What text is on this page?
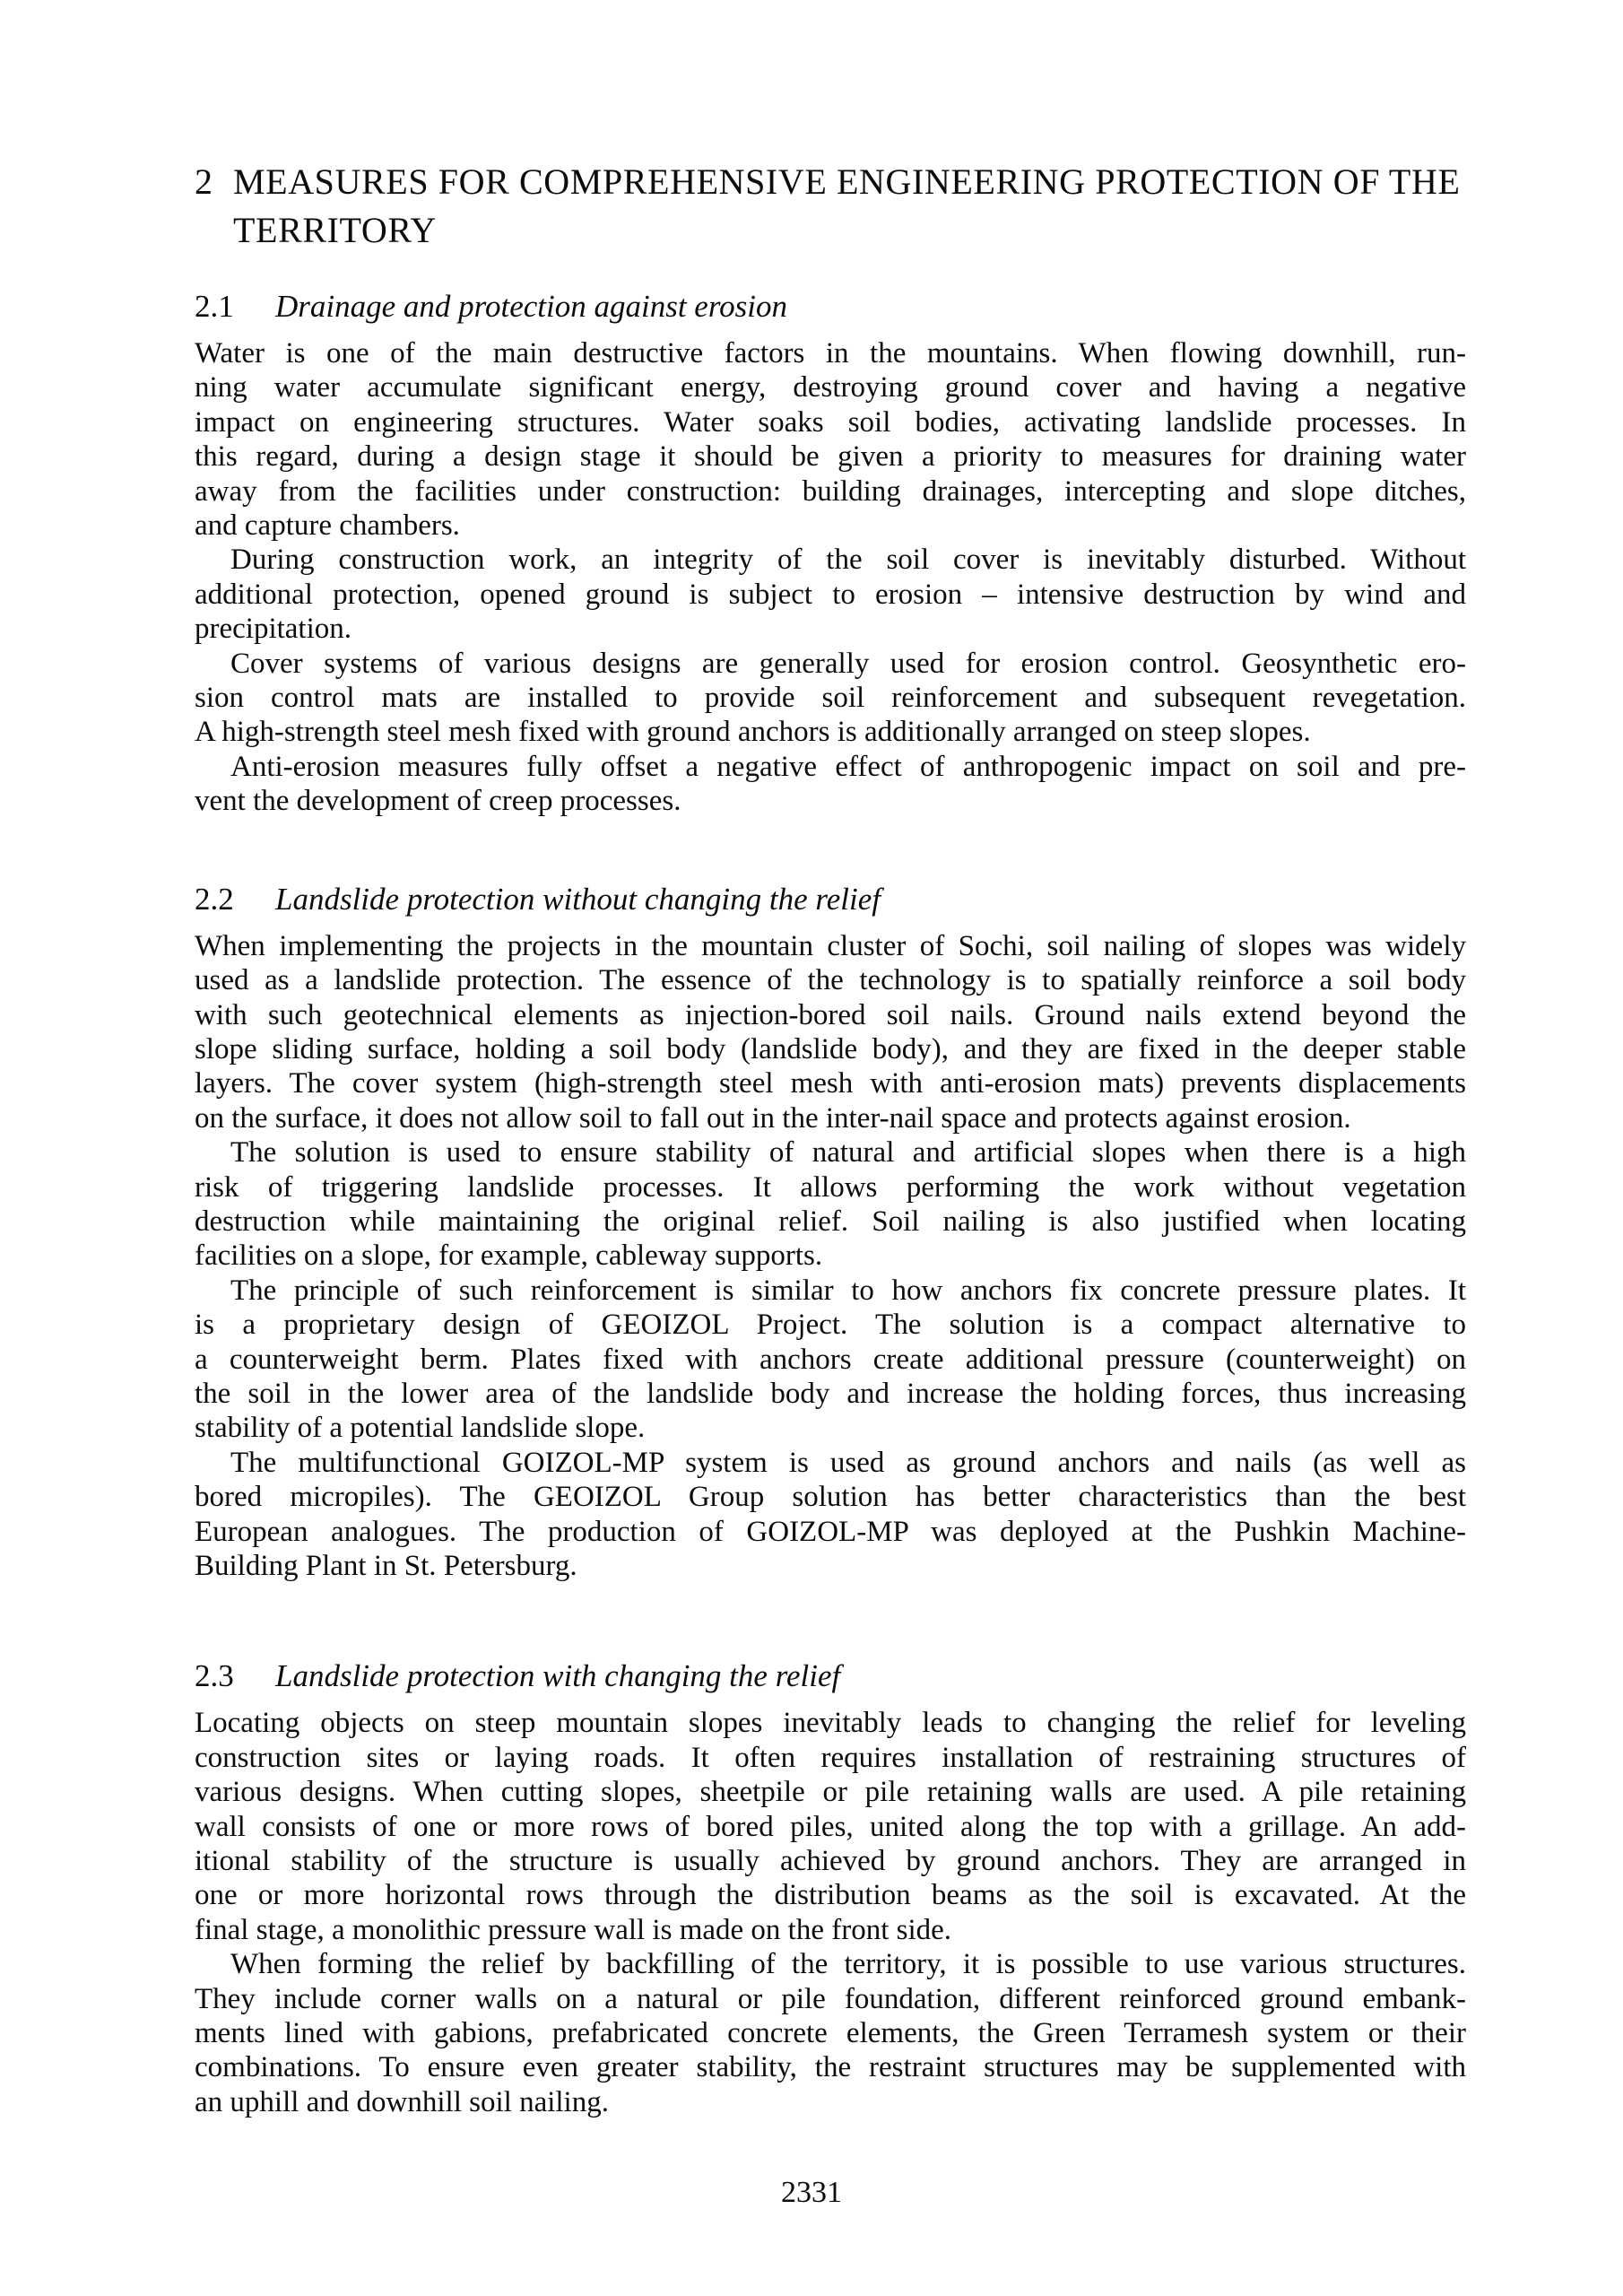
2 MEASURES FOR COMPREHENSIVE ENGINEERING PROTECTION OF THE
TERRITORY
2.1	Drainage and protection against erosion
Water is one of the main destructive factors in the mountains. When flowing downhill, run-
ning water accumulate significant energy, destroying ground cover and having a negative
impact on engineering structures. Water soaks soil bodies, activating landslide processes. In
this regard, during a design stage it should be given a priority to measures for draining water
away from the facilities under construction: building drainages, intercepting and slope ditches,
and capture chambers.
During construction work, an integrity of the soil cover is inevitably disturbed. Without
additional protection, opened ground is subject to erosion – intensive destruction by wind and
precipitation.
Cover systems of various designs are generally used for erosion control. Geosynthetic ero-
sion control mats are installed to provide soil reinforcement and subsequent revegetation.
A high-strength steel mesh fixed with ground anchors is additionally arranged on steep slopes.
Anti-erosion measures fully offset a negative effect of anthropogenic impact on soil and pre-
vent the development of creep processes.
2.2	Landslide protection without changing the relief
When implementing the projects in the mountain cluster of Sochi, soil nailing of slopes was widely
used as a landslide protection. The essence of the technology is to spatially reinforce a soil body
with such geotechnical elements as injection-bored soil nails. Ground nails extend beyond the
slope sliding surface, holding a soil body (landslide body), and they are fixed in the deeper stable
layers. The cover system (high-strength steel mesh with anti-erosion mats) prevents displacements
on the surface, it does not allow soil to fall out in the inter-nail space and protects against erosion.
The solution is used to ensure stability of natural and artificial slopes when there is a high
risk of triggering landslide processes. It allows performing the work without vegetation
destruction while maintaining the original relief. Soil nailing is also justified when locating
facilities on a slope, for example, cableway supports.
The principle of such reinforcement is similar to how anchors fix concrete pressure plates. It
is a proprietary design of GEOIZOL Project. The solution is a compact alternative to
a counterweight berm. Plates fixed with anchors create additional pressure (counterweight) on
the soil in the lower area of the landslide body and increase the holding forces, thus increasing
stability of a potential landslide slope.
The multifunctional GOIZOL-MP system is used as ground anchors and nails (as well as
bored micropiles). The GEOIZOL Group solution has better characteristics than the best
European analogues. The production of GOIZOL-MP was deployed at the Pushkin Machine-
Building Plant in St. Petersburg.
2.3	Landslide protection with changing the relief
Locating objects on steep mountain slopes inevitably leads to changing the relief for leveling
construction sites or laying roads. It often requires installation of restraining structures of
various designs. When cutting slopes, sheetpile or pile retaining walls are used. A pile retaining
wall consists of one or more rows of bored piles, united along the top with a grillage. An add-
itional stability of the structure is usually achieved by ground anchors. They are arranged in
one or more horizontal rows through the distribution beams as the soil is excavated. At the
final stage, a monolithic pressure wall is made on the front side.
When forming the relief by backfilling of the territory, it is possible to use various structures.
They include corner walls on a natural or pile foundation, different reinforced ground embank-
ments lined with gabions, prefabricated concrete elements, the Green Terramesh system or their
combinations. To ensure even greater stability, the restraint structures may be supplemented with
an uphill and downhill soil nailing.
2331
